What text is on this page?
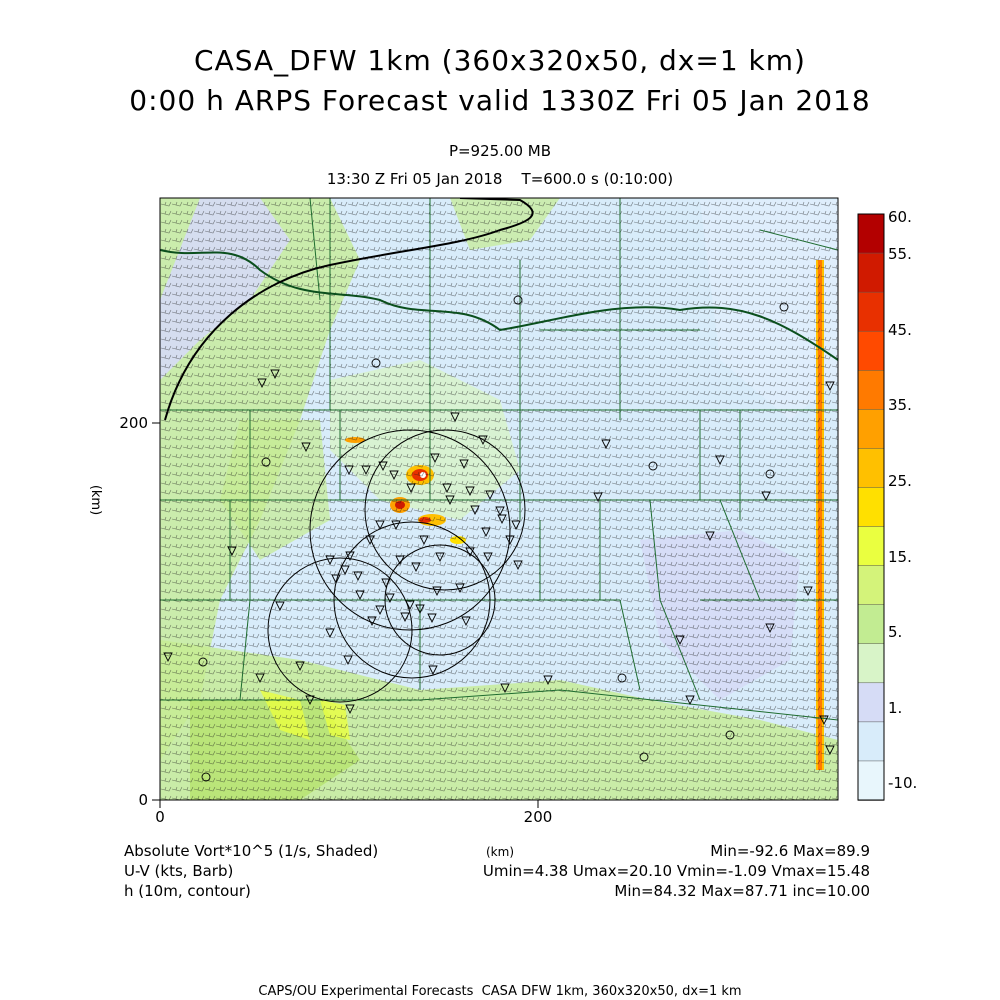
CASA_DFW 1km (360x320x50, dx=1 km)
0:00 h ARPS Forecast valid 1330Z Fri 05 Jan 2018
P=925.00 MB
13:30 Z Fri 05 Jan 2018    T=600.0 s (0:10:00)
0	200
0
200
(km)
60.
55.
45.
35.
25.
15.
5.
1.
-10.
Absolute Vort*10^5 (1/s, Shaded)
U-V (kts, Barb)
h (10m, contour)
(km)	Min=-92.6 Max=89.9
Umin=4.38 Umax=20.10 Vmin=-1.09 Vmax=15.48
Min=84.32 Max=87.71 inc=10.00
CAPS/OU Experimental Forecasts  CASA DFW 1km, 360x320x50, dx=1 km
